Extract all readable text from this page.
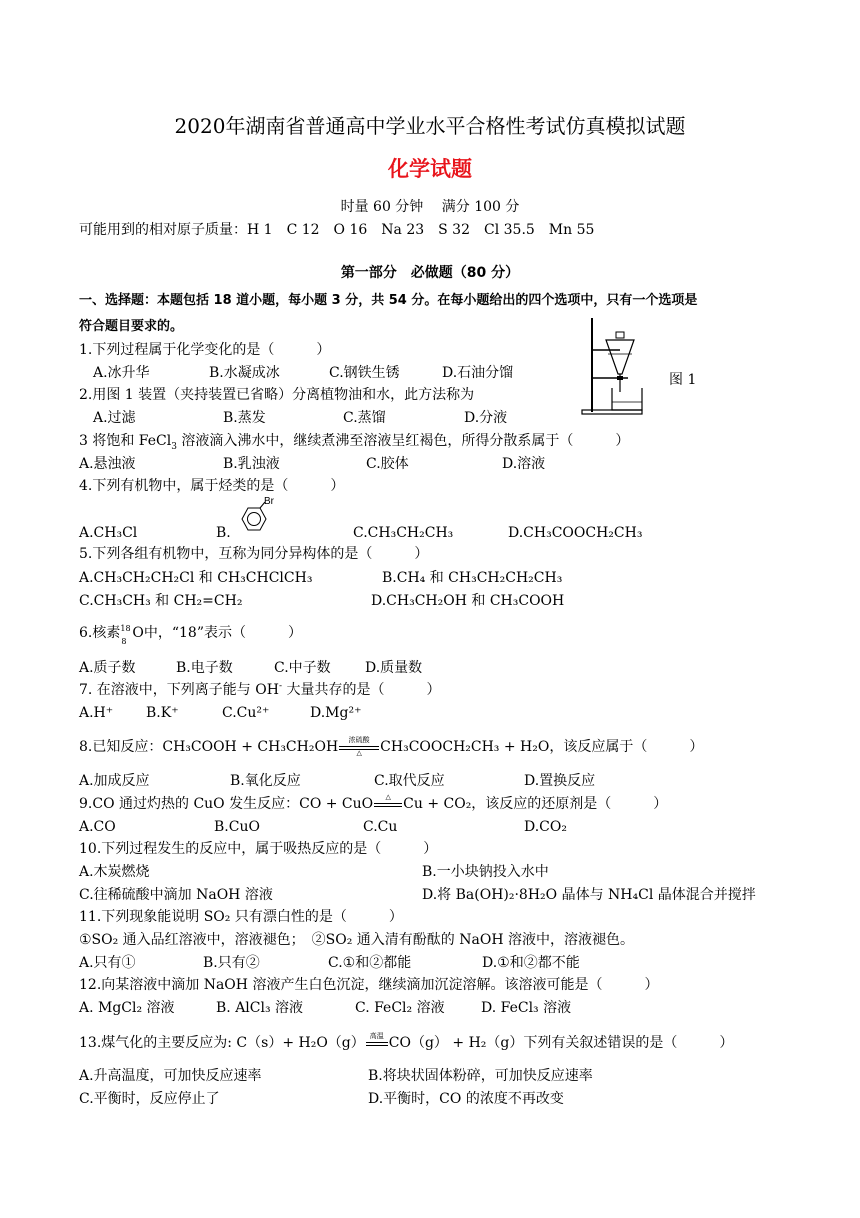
2020年湖南省普通高中学业水平合格性考试仿真模拟试题
化学试题
时量 60 分钟　 满分 100 分
可能用到的相对原子质量：H 1　C 12　O 16　Na 23　S 32　Cl 35.5　Mn 55
第一部分　必做题（80 分）
一、选择题：本题包括 18 道小题，每小题 3 分，共 54 分。在每小题给出的四个选项中，只有一个选项是
符合题目要求的。
图 1
1.下列过程属于化学变化的是（　　　）
A.冰升华	B.水凝成冰	C.钢铁生锈	D.石油分馏
2.用图 1 装置（夹持装置已省略）分离植物油和水，此方法称为
A.过滤	B.蒸发	C.蒸馏	D.分液
3 将饱和 FeCl$_3$ 溶液滴入沸水中，继续煮沸至溶液呈红褐色，所得分散系属于（　　　）
A.悬浊液	B.乳浊液	C.胶体	D.溶液
4.下列有机物中，属于烃类的是（　　　）
A.CH₃Cl	B.
Br
C.CH₃CH₂CH₃	D.CH₃COOCH₂CH₃
5.下列各组有机物中，互称为同分异构体的是（　　　）
A.CH₃CH₂CH₂Cl 和 CH₃CHClCH₃	B.CH₄ 和 CH₃CH₂CH₂CH₃
C.CH₃CH₃ 和 CH₂=CH₂	D.CH₃CH₂OH 和 CH₃COOH
6.核素 18
8
O中，“18”表示（　　　）
A.质子数	B.电子数	C.中子数 D.质量数
7. 在溶液中，下列离子能与 OH- 大量共存的是（　　　）
A.H⁺ B.K⁺	C.Cu²⁺	D.Mg²⁺
8.已知反应：CH₃COOH + CH₃CH₂OH	浓硫酸
△	CH₃COOCH₂CH₃ + H₂O，该反应属于（　　　）
A.加成反应	B.氧化反应	C.取代反应	D.置换反应
9.CO 通过灼热的 CuO 发生反应：CO + CuO	△ Cu + CO₂，该反应的还原剂是（　　　）
A.CO	B.CuO	C.Cu	D.CO₂
10.下列过程发生的反应中，属于吸热反应的是（　　　）
A.木炭燃烧	B.一小块钠投入水中
C.往稀硫酸中滴加 NaOH 溶液	D.将 Ba(OH)₂·8H₂O 晶体与 NH₄Cl 晶体混合并搅拌
11.下列现象能说明 SO₂ 只有漂白性的是（　　　）
①SO₂ 通入品红溶液中，溶液褪色；　②SO₂ 通入清有酚酞的 NaOH 溶液中，溶液褪色。
A.只有①	B.只有②	C.①和②都能	D.①和②都不能
12.向某溶液中滴加 NaOH 溶液产生白色沉淀，继续滴加沉淀溶解。该溶液可能是（　　　）
A. MgCl₂ 溶液	B. AlCl₃ 溶液	C. FeCl₂ 溶液	D. FeCl₃ 溶液
13.煤气化的主要反应为: C（s）+ H₂O（g） 高温 CO（g） + H₂（g）下列有关叙述错误的是（　　　）
A.升高温度，可加快反应速率	B.将块状固体粉碎，可加快反应速率
C.平衡时，反应停止了	D.平衡时，CO 的浓度不再改变
